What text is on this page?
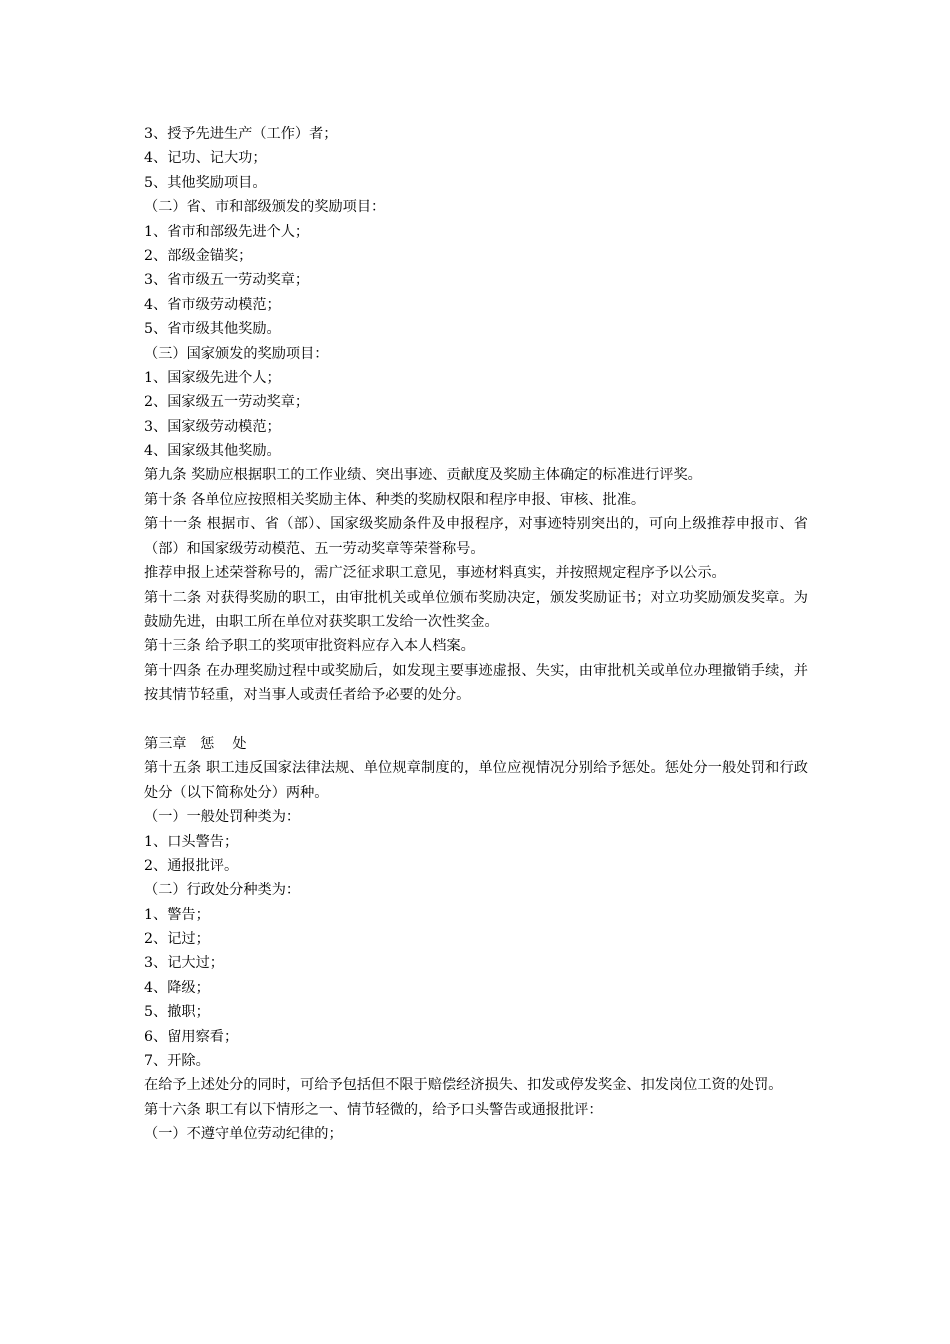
3、授予先进生产（工作）者；
4、记功、记大功；
5、其他奖励项目。
（二）省、市和部级颁发的奖励项目：
1、省市和部级先进个人；
2、部级金锚奖；
3、省市级五一劳动奖章；
4、省市级劳动模范；
5、省市级其他奖励。
（三）国家颁发的奖励项目：
1、国家级先进个人；
2、国家级五一劳动奖章；
3、国家级劳动模范；
4、国家级其他奖励。
第九条 奖励应根据职工的工作业绩、突出事迹、贡献度及奖励主体确定的标准进行评奖。
第十条 各单位应按照相关奖励主体、种类的奖励权限和程序申报、审核、批准。
第十一条 根据市、省（部）、国家级奖励条件及申报程序，对事迹特别突出的，可向上级推荐申报市、省（部）和国家级劳动模范、五一劳动奖章等荣誉称号。
推荐申报上述荣誉称号的，需广泛征求职工意见，事迹材料真实，并按照规定程序予以公示。
第十二条 对获得奖励的职工，由审批机关或单位颁布奖励决定，颁发奖励证书；对立功奖励颁发奖章。为鼓励先进，由职工所在单位对获奖职工发给一次性奖金。
第十三条 给予职工的奖项审批资料应存入本人档案。
第十四条 在办理奖励过程中或奖励后，如发现主要事迹虚报、失实，由审批机关或单位办理撤销手续，并按其情节轻重，对当事人或责任者给予必要的处分。
第三章   惩    处
第十五条 职工违反国家法律法规、单位规章制度的，单位应视情况分别给予惩处。惩处分一般处罚和行政处分（以下简称处分）两种。
（一）一般处罚种类为：
1、口头警告；
2、通报批评。
（二）行政处分种类为：
1、警告；
2、记过；
3、记大过；
4、降级；
5、撤职；
6、留用察看；
7、开除。
在给予上述处分的同时，可给予包括但不限于赔偿经济损失、扣发或停发奖金、扣发岗位工资的处罚。
第十六条 职工有以下情形之一、情节轻微的，给予口头警告或通报批评：
（一）不遵守单位劳动纪律的；
